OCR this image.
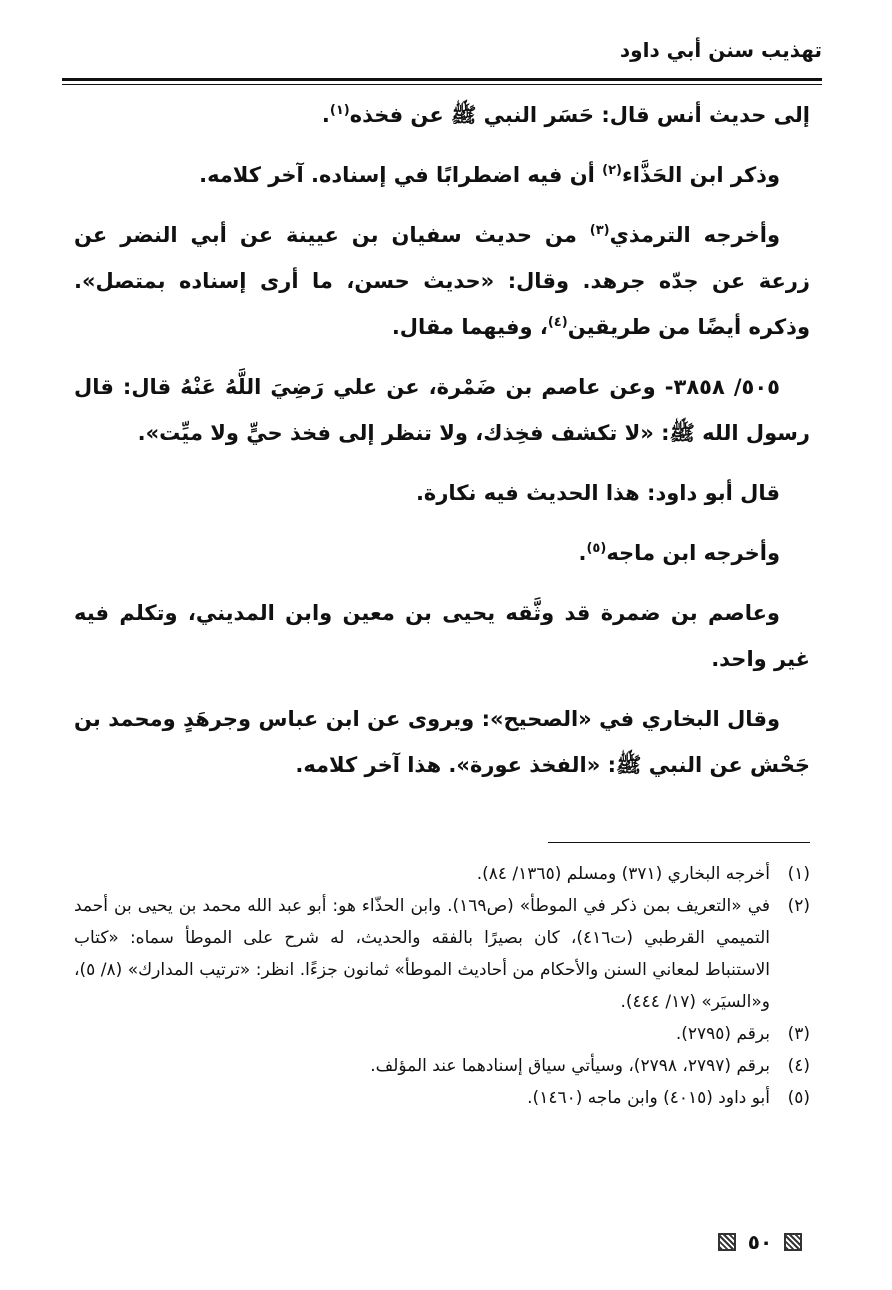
تهذيب سنن أبي داود

إلى حديث أنس قال: حَسَر النبي ﷺ عن فخذه$^{(١)}$.

وذكر ابن الحَذَّاء$^{(٢)}$ أن فيه اضطرابًا في إسناده. آخر كلامه.

وأخرجه الترمذي$^{(٣)}$ من حديث سفيان بن عيينة عن أبي النضر عن زرعة عن جدّه جرهد. وقال: «حديث حسن، ما أرى إسناده بمتصل». وذكره أيضًا من طريقين$^{(٤)}$، وفيهما مقال.

٥٠٥/ ٣٨٥٨- وعن عاصم بن ضَمْرة، عن علي رَضِيَ اللَّهُ عَنْهُ قال: قال رسول الله ﷺ: «لا تكشف فخِذك، ولا تنظر إلى فخذ حيٍّ ولا ميِّت».

قال أبو داود: هذا الحديث فيه نكارة.

وأخرجه ابن ماجه$^{(٥)}$.

وعاصم بن ضمرة قد وثَّقه يحيى بن معين وابن المديني، وتكلم فيه غير واحد.

وقال البخاري في «الصحيح»: ويروى عن ابن عباس وجرهَدٍ ومحمد بن جَحْش عن النبي ﷺ: «الفخذ عورة». هذا آخر كلامه.

(١)
أخرجه البخاري (٣٧١) ومسلم (١٣٦٥/ ٨٤).
(٢)
في «التعريف بمن ذكر في الموطأ» (ص١٦٩). وابن الحذّاء هو: أبو عبد الله محمد بن يحيى بن أحمد التميمي القرطبي (ت٤١٦)، كان بصيرًا بالفقه والحديث، له شرح على الموطأ سماه: «كتاب الاستنباط لمعاني السنن والأحكام من أحاديث الموطأ» ثمانون جزءًا. انظر: «ترتيب المدارك» (٨/ ٥)، و«السيَر» (١٧/ ٤٤٤).
(٣)
برقم (٢٧٩٥).
(٤)
برقم (٢٧٩٧، ٢٧٩٨)، وسيأتي سياق إسنادهما عند المؤلف.
(٥)
أبو داود (٤٠١٥) وابن ماجه (١٤٦٠).
٥٠
